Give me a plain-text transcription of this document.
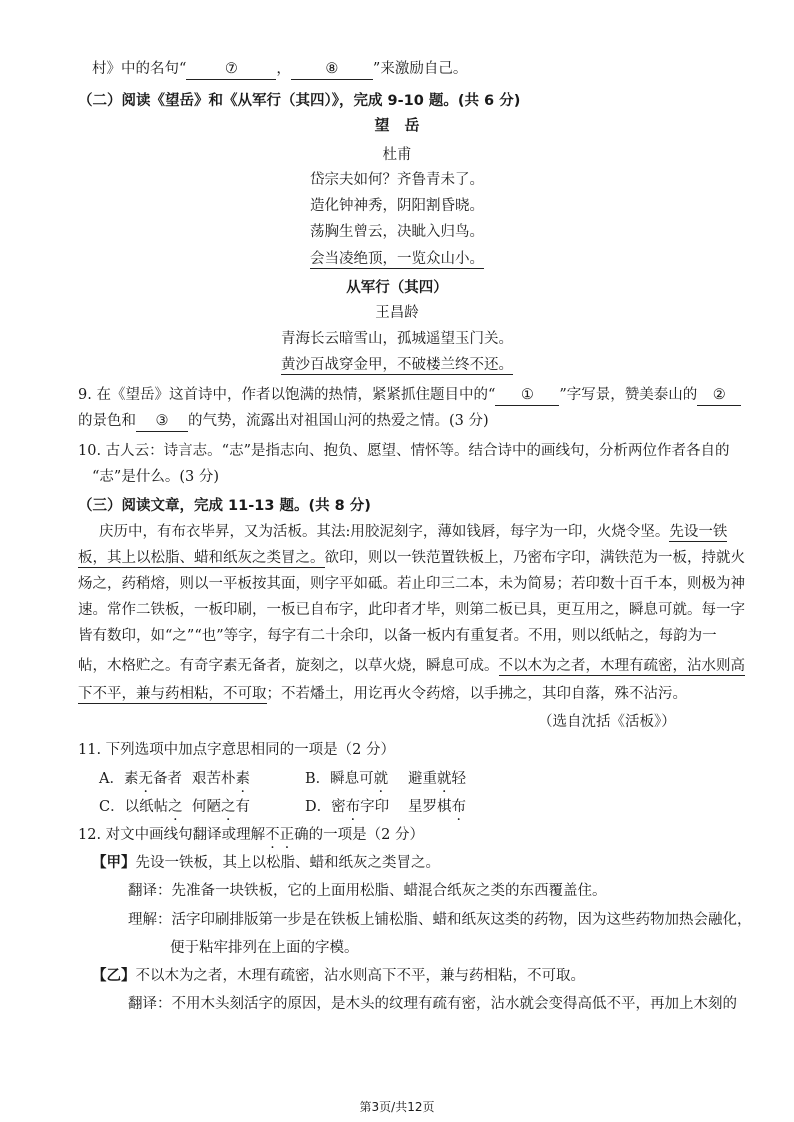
村》中的名句“	⑦	， ⑧ ”来激励自己。
（二）阅读《望岳》和《从军行（其四）》，完成 9-10 题。(共 6 分)
望　岳
杜甫
岱宗夫如何？齐鲁青未了。
造化钟神秀，阴阳割昏晓。
荡胸生曾云，决眦入归鸟。
会当凌绝顶，一览众山小。
从军行（其四）
王昌龄
青海长云暗雪山，孤城遥望玉门关。
黄沙百战穿金甲，不破楼兰终不还。
9. 在《望岳》这首诗中，作者以饱满的热情，紧紧抓住题目中的“ ① ”字写景，赞美泰山的 ②
的景色和 ③ 的气势，流露出对祖国山河的热爱之情。(3 分)
10. 古人云：诗言志。“志”是指志向、抱负、愿望、情怀等。结合诗中的画线句，分析两位作者各自的
“志”是什么。(3 分)
（三）阅读文章，完成 11-13 题。(共 8 分)
庆历中，有布衣毕昇，又为活板。其法:用胶泥刻字，薄如钱唇，每字为一印，火烧令坚。先设一铁
板，其上以松脂、蜡和纸灰之类冒之。欲印，则以一铁范置铁板上，乃密布字印，满铁范为一板，持就火
炀之，药稍熔，则以一平板按其面，则字平如砥。若止印三二本，未为简易；若印数十百千本，则极为神
速。常作二铁板，一板印刷，一板已自布字，此印者才毕，则第二板已具，更互用之，瞬息可就。每一字
皆有数印，如“之”“也”等字，每字有二十余印，以备一板内有重复者。不用，则以纸帖之，每韵为一
帖，木格贮之。有奇字素无备者，旋刻之，以草火烧，瞬息可成。不以木为之者，木理有疏密，沾水则高
下不平，兼与药相粘，不可取；不若燔土，用讫再火令药熔，以手拂之，其印自落，殊不沾污。
（选自沈括《活板》）
11. 下列选项中加点字意思相同的一项是（2 分）
A．素无备者 艰苦朴素	B．瞬息可就 避重就轻
C．以纸帖之 何陋之有	D．密布字印 星罗棋布
12. 对文中画线句翻译或理解不正确的一项是（2 分）
【甲】先设一铁板，其上以松脂、蜡和纸灰之类冒之。
翻译：先准备一块铁板，它的上面用松脂、蜡混合纸灰之类的东西覆盖住。
理解：活字印刷排版第一步是在铁板上铺松脂、蜡和纸灰这类的药物，因为这些药物加热会融化，
便于粘牢排列在上面的字模。
【乙】不以木为之者，木理有疏密，沾水则高下不平，兼与药相粘，不可取。
翻译：不用木头刻活字的原因，是木头的纹理有疏有密，沾水就会变得高低不平，再加上木刻的
第3页/共12页
